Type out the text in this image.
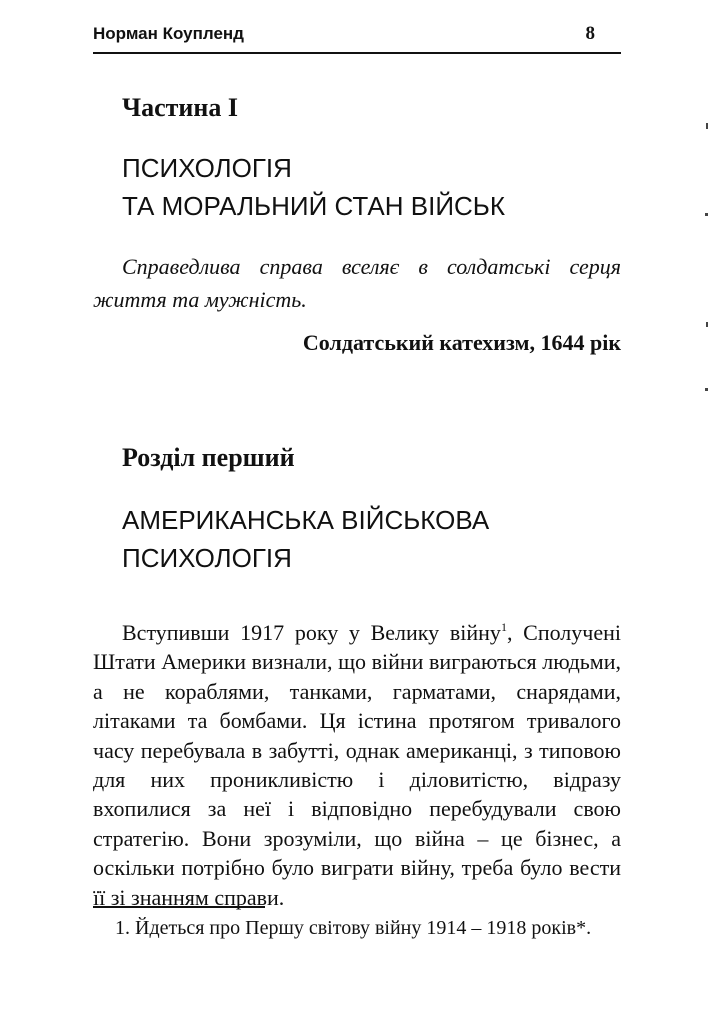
Норман Коупленд	8
Частина I
ПСИХОЛОГІЯ
ТА МОРАЛЬНИЙ СТАН ВІЙСЬК

Справедлива справа вселяє в солдатські серця життя та мужність.

Солдатський катехизм, 1644 рік
Розділ перший
АМЕРИКАНСЬКА ВІЙСЬКОВА
ПСИХОЛОГІЯ

Вступивши 1917 року у Велику війну$^1$, Сполучені Штати Америки визнали, що війни виграються людьми, а не кораблями, танками, гарматами, снарядами, літаками та бомбами. Ця істина протягом тривалого часу перебувала в забутті, однак американці, з типовою для них проникливістю і діловитістю, відразу вхопилися за неї і відповідно перебудували свою стратегію. Вони зрозуміли, що війна – це бізнес, а оскільки потрібно було виграти війну, треба було вести її зі знанням справи.

1. Йдеться про Першу світову війну 1914 – 1918 років*.
